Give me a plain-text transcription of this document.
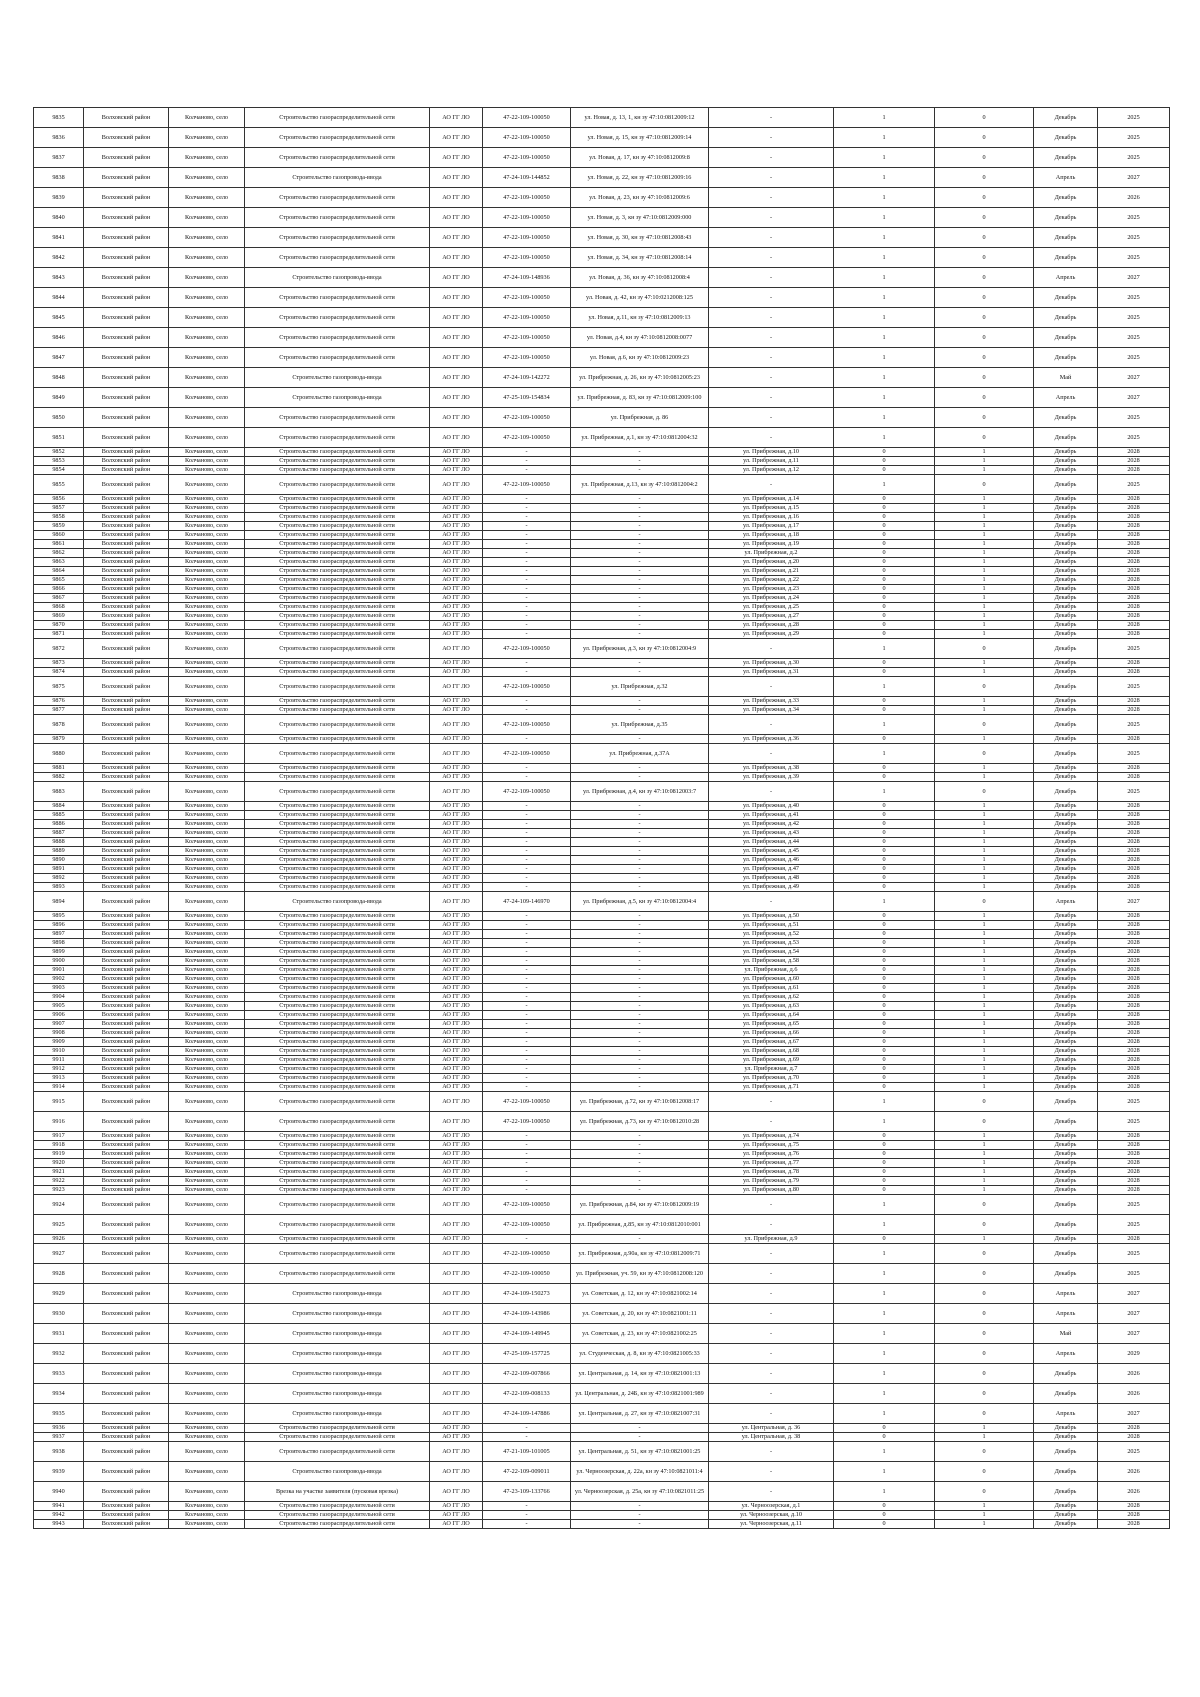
9835	Волховский район	Колчаново, село	Строительство газораспределительной сети	АО ГГ ЛО	47-22-109-100050	ул. Новая, д. 13, 1, кн зу 47:10:0812009:12	-	1	0	Декабрь	2025
9836	Волховский район	Колчаново, село	Строительство газораспределительной сети	АО ГГ ЛО	47-22-109-100050	ул. Новая, д. 15, кн зу 47:10:0812009:14	-	1	0	Декабрь	2025
9837	Волховский район	Колчаново, село	Строительство газораспределительной сети	АО ГГ ЛО	47-22-109-100050	ул. Новая, д. 17, кн зу 47:10:0812009:8	-	1	0	Декабрь	2025
9838	Волховский район	Колчаново, село	Строительство газопровода-ввода	АО ГГ ЛО	47-24-109-144852	ул. Новая, д. 22, кн зу 47:10:0812009:16	-	1	0	Апрель	2027
9839	Волховский район	Колчаново, село	Строительство газораспределительной сети	АО ГГ ЛО	47-22-109-100050	ул. Новая, д. 23, кн зу 47:10:0812009:6	-	1	0	Декабрь	2026
9840	Волховский район	Колчаново, село	Строительство газораспределительной сети	АО ГГ ЛО	47-22-109-100050	ул. Новая, д. 3, кн зу 47:10:0812009:000	-	1	0	Декабрь	2025
9841	Волховский район	Колчаново, село	Строительство газораспределительной сети	АО ГГ ЛО	47-22-109-100050	ул. Новая, д. 30, кн зу 47:10:0812008:43	-	1	0	Декабрь	2025
9842	Волховский район	Колчаново, село	Строительство газораспределительной сети	АО ГГ ЛО	47-22-109-100050	ул. Новая, д. 34, кн зу 47:10:0812008:14	-	1	0	Декабрь	2025
9843	Волховский район	Колчаново, село	Строительство газопровода-ввода	АО ГГ ЛО	47-24-109-148936	ул. Новая, д. 36, кн зу 47:10:0812008:4	-	1	0	Апрель	2027
9844	Волховский район	Колчаново, село	Строительство газораспределительной сети	АО ГГ ЛО	47-22-109-100050	ул. Новая, д. 42, кн зу 47:10:0212008:125	-	1	0	Декабрь	2025
9845	Волховский район	Колчаново, село	Строительство газораспределительной сети	АО ГГ ЛО	47-22-109-100050	ул. Новая, д.11, кн зу 47:10:0812009:13	-	1	0	Декабрь	2025
9846	Волховский район	Колчаново, село	Строительство газораспределительной сети	АО ГГ ЛО	47-22-109-100050	ул. Новая, д.4, кн зу 47:10:0812008:0077	-	1	0	Декабрь	2025
9847	Волховский район	Колчаново, село	Строительство газораспределительной сети	АО ГГ ЛО	47-22-109-100050	ул. Новая, д.6, кн зу 47:10:0812009:23	-	1	0	Декабрь	2025
9848	Волховский район	Колчаново, село	Строительство газопровода-ввода	АО ГГ ЛО	47-24-109-142272	ул. Прибрежная, д. 26, кн зу 47:10:0812005:23	-	1	0	Май	2027
9849	Волховский район	Колчаново, село	Строительство газопровода-ввода	АО ГГ ЛО	47-25-109-154834	ул. Прибрежная, д. 83, кн зу 47:10:0812009:100	-	1	0	Апрель	2027
9850	Волховский район	Колчаново, село	Строительство газораспределительной сети	АО ГГ ЛО	47-22-109-100050	ул. Прибрежная, д. 86	-	1	0	Декабрь	2025
9851	Волховский район	Колчаново, село	Строительство газораспределительной сети	АО ГГ ЛО	47-22-109-100050	ул. Прибрежная, д.1, кн зу 47:10:0812004:32	-	1	0	Декабрь	2025
9852	Волховский район	Колчаново, село	Строительство газораспределительной сети	АО ГГ ЛО	-	-	ул. Прибрежная, д.10	0	1	Декабрь	2028
9853	Волховский район	Колчаново, село	Строительство газораспределительной сети	АО ГГ ЛО	-	-	ул. Прибрежная, д.11	0	1	Декабрь	2028
9854	Волховский район	Колчаново, село	Строительство газораспределительной сети	АО ГГ ЛО	-	-	ул. Прибрежная, д.12	0	1	Декабрь	2028
9855	Волховский район	Колчаново, село	Строительство газораспределительной сети	АО ГГ ЛО	47-22-109-100050	ул. Прибрежная, д.13, кн зу 47:10:0812004:2	-	1	0	Декабрь	2025
9856	Волховский район	Колчаново, село	Строительство газораспределительной сети	АО ГГ ЛО	-	-	ул. Прибрежная, д.14	0	1	Декабрь	2028
9857	Волховский район	Колчаново, село	Строительство газораспределительной сети	АО ГГ ЛО	-	-	ул. Прибрежная, д.15	0	1	Декабрь	2028
9858	Волховский район	Колчаново, село	Строительство газораспределительной сети	АО ГГ ЛО	-	-	ул. Прибрежная, д.16	0	1	Декабрь	2028
9859	Волховский район	Колчаново, село	Строительство газораспределительной сети	АО ГГ ЛО	-	-	ул. Прибрежная, д.17	0	1	Декабрь	2028
9860	Волховский район	Колчаново, село	Строительство газораспределительной сети	АО ГГ ЛО	-	-	ул. Прибрежная, д.18	0	1	Декабрь	2028
9861	Волховский район	Колчаново, село	Строительство газораспределительной сети	АО ГГ ЛО	-	-	ул. Прибрежная, д.19	0	1	Декабрь	2028
9862	Волховский район	Колчаново, село	Строительство газораспределительной сети	АО ГГ ЛО	-	-	ул. Прибрежная, д.2	0	1	Декабрь	2028
9863	Волховский район	Колчаново, село	Строительство газораспределительной сети	АО ГГ ЛО	-	-	ул. Прибрежная, д.20	0	1	Декабрь	2028
9864	Волховский район	Колчаново, село	Строительство газораспределительной сети	АО ГГ ЛО	-	-	ул. Прибрежная, д.21	0	1	Декабрь	2028
9865	Волховский район	Колчаново, село	Строительство газораспределительной сети	АО ГГ ЛО	-	-	ул. Прибрежная, д.22	0	1	Декабрь	2028
9866	Волховский район	Колчаново, село	Строительство газораспределительной сети	АО ГГ ЛО	-	-	ул. Прибрежная, д.23	0	1	Декабрь	2028
9867	Волховский район	Колчаново, село	Строительство газораспределительной сети	АО ГГ ЛО	-	-	ул. Прибрежная, д.24	0	1	Декабрь	2028
9868	Волховский район	Колчаново, село	Строительство газораспределительной сети	АО ГГ ЛО	-	-	ул. Прибрежная, д.25	0	1	Декабрь	2028
9869	Волховский район	Колчаново, село	Строительство газораспределительной сети	АО ГГ ЛО	-	-	ул. Прибрежная, д.27	0	1	Декабрь	2028
9870	Волховский район	Колчаново, село	Строительство газораспределительной сети	АО ГГ ЛО	-	-	ул. Прибрежная, д.28	0	1	Декабрь	2028
9871	Волховский район	Колчаново, село	Строительство газораспределительной сети	АО ГГ ЛО	-	-	ул. Прибрежная, д.29	0	1	Декабрь	2028
9872	Волховский район	Колчаново, село	Строительство газораспределительной сети	АО ГГ ЛО	47-22-109-100050	ул. Прибрежная, д.3, кн зу 47:10:0812004:9	-	1	0	Декабрь	2025
9873	Волховский район	Колчаново, село	Строительство газораспределительной сети	АО ГГ ЛО	-	-	ул. Прибрежная, д.30	0	1	Декабрь	2028
9874	Волховский район	Колчаново, село	Строительство газораспределительной сети	АО ГГ ЛО	-	-	ул. Прибрежная, д.31	0	1	Декабрь	2028
9875	Волховский район	Колчаново, село	Строительство газораспределительной сети	АО ГГ ЛО	47-22-109-100050	ул. Прибрежная, д.32	-	1	0	Декабрь	2025
9876	Волховский район	Колчаново, село	Строительство газораспределительной сети	АО ГГ ЛО	-	-	ул. Прибрежная, д.33	0	1	Декабрь	2028
9877	Волховский район	Колчаново, село	Строительство газораспределительной сети	АО ГГ ЛО	-	-	ул. Прибрежная, д.34	0	1	Декабрь	2028
9878	Волховский район	Колчаново, село	Строительство газораспределительной сети	АО ГГ ЛО	47-22-109-100050	ул. Прибрежная, д.35	-	1	0	Декабрь	2025
9879	Волховский район	Колчаново, село	Строительство газораспределительной сети	АО ГГ ЛО	-	-	ул. Прибрежная, д.36	0	1	Декабрь	2028
9880	Волховский район	Колчаново, село	Строительство газораспределительной сети	АО ГГ ЛО	47-22-109-100050	ул. Прибрежная, д.37А	-	1	0	Декабрь	2025
9881	Волховский район	Колчаново, село	Строительство газораспределительной сети	АО ГГ ЛО	-	-	ул. Прибрежная, д.38	0	1	Декабрь	2028
9882	Волховский район	Колчаново, село	Строительство газораспределительной сети	АО ГГ ЛО	-	-	ул. Прибрежная, д.39	0	1	Декабрь	2028
9883	Волховский район	Колчаново, село	Строительство газораспределительной сети	АО ГГ ЛО	47-22-109-100050	ул. Прибрежная, д.4, кн зу 47:10:0812003:7	-	1	0	Декабрь	2025
9884	Волховский район	Колчаново, село	Строительство газораспределительной сети	АО ГГ ЛО	-	-	ул. Прибрежная, д.40	0	1	Декабрь	2028
9885	Волховский район	Колчаново, село	Строительство газораспределительной сети	АО ГГ ЛО	-	-	ул. Прибрежная, д.41	0	1	Декабрь	2028
9886	Волховский район	Колчаново, село	Строительство газораспределительной сети	АО ГГ ЛО	-	-	ул. Прибрежная, д.42	0	1	Декабрь	2028
9887	Волховский район	Колчаново, село	Строительство газораспределительной сети	АО ГГ ЛО	-	-	ул. Прибрежная, д.43	0	1	Декабрь	2028
9888	Волховский район	Колчаново, село	Строительство газораспределительной сети	АО ГГ ЛО	-	-	ул. Прибрежная, д.44	0	1	Декабрь	2028
9889	Волховский район	Колчаново, село	Строительство газораспределительной сети	АО ГГ ЛО	-	-	ул. Прибрежная, д.45	0	1	Декабрь	2028
9890	Волховский район	Колчаново, село	Строительство газораспределительной сети	АО ГГ ЛО	-	-	ул. Прибрежная, д.46	0	1	Декабрь	2028
9891	Волховский район	Колчаново, село	Строительство газораспределительной сети	АО ГГ ЛО	-	-	ул. Прибрежная, д.47	0	1	Декабрь	2028
9892	Волховский район	Колчаново, село	Строительство газораспределительной сети	АО ГГ ЛО	-	-	ул. Прибрежная, д.48	0	1	Декабрь	2028
9893	Волховский район	Колчаново, село	Строительство газораспределительной сети	АО ГГ ЛО	-	-	ул. Прибрежная, д.49	0	1	Декабрь	2028
9894	Волховский район	Колчаново, село	Строительство газопровода-ввода	АО ГГ ЛО	47-24-109-146970	ул. Прибрежная, д.5, кн зу 47:10:0812004:4	-	1	0	Апрель	2027
9895	Волховский район	Колчаново, село	Строительство газораспределительной сети	АО ГГ ЛО	-	-	ул. Прибрежная, д.50	0	1	Декабрь	2028
9896	Волховский район	Колчаново, село	Строительство газораспределительной сети	АО ГГ ЛО	-	-	ул. Прибрежная, д.51	0	1	Декабрь	2028
9897	Волховский район	Колчаново, село	Строительство газораспределительной сети	АО ГГ ЛО	-	-	ул. Прибрежная, д.52	0	1	Декабрь	2028
9898	Волховский район	Колчаново, село	Строительство газораспределительной сети	АО ГГ ЛО	-	-	ул. Прибрежная, д.53	0	1	Декабрь	2028
9899	Волховский район	Колчаново, село	Строительство газораспределительной сети	АО ГГ ЛО	-	-	ул. Прибрежная, д.54	0	1	Декабрь	2028
9900	Волховский район	Колчаново, село	Строительство газораспределительной сети	АО ГГ ЛО	-	-	ул. Прибрежная, д.58	0	1	Декабрь	2028
9901	Волховский район	Колчаново, село	Строительство газораспределительной сети	АО ГГ ЛО	-	-	ул. Прибрежная, д.6	0	1	Декабрь	2028
9902	Волховский район	Колчаново, село	Строительство газораспределительной сети	АО ГГ ЛО	-	-	ул. Прибрежная, д.60	0	1	Декабрь	2028
9903	Волховский район	Колчаново, село	Строительство газораспределительной сети	АО ГГ ЛО	-	-	ул. Прибрежная, д.61	0	1	Декабрь	2028
9904	Волховский район	Колчаново, село	Строительство газораспределительной сети	АО ГГ ЛО	-	-	ул. Прибрежная, д.62	0	1	Декабрь	2028
9905	Волховский район	Колчаново, село	Строительство газораспределительной сети	АО ГГ ЛО	-	-	ул. Прибрежная, д.63	0	1	Декабрь	2028
9906	Волховский район	Колчаново, село	Строительство газораспределительной сети	АО ГГ ЛО	-	-	ул. Прибрежная, д.64	0	1	Декабрь	2028
9907	Волховский район	Колчаново, село	Строительство газораспределительной сети	АО ГГ ЛО	-	-	ул. Прибрежная, д.65	0	1	Декабрь	2028
9908	Волховский район	Колчаново, село	Строительство газораспределительной сети	АО ГГ ЛО	-	-	ул. Прибрежная, д.66	0	1	Декабрь	2028
9909	Волховский район	Колчаново, село	Строительство газораспределительной сети	АО ГГ ЛО	-	-	ул. Прибрежная, д.67	0	1	Декабрь	2028
9910	Волховский район	Колчаново, село	Строительство газораспределительной сети	АО ГГ ЛО	-	-	ул. Прибрежная, д.68	0	1	Декабрь	2028
9911	Волховский район	Колчаново, село	Строительство газораспределительной сети	АО ГГ ЛО	-	-	ул. Прибрежная, д.69	0	1	Декабрь	2028
9912	Волховский район	Колчаново, село	Строительство газораспределительной сети	АО ГГ ЛО	-	-	ул. Прибрежная, д.7	0	1	Декабрь	2028
9913	Волховский район	Колчаново, село	Строительство газораспределительной сети	АО ГГ ЛО	-	-	ул. Прибрежная, д.70	0	1	Декабрь	2028
9914	Волховский район	Колчаново, село	Строительство газораспределительной сети	АО ГГ ЛО	-	-	ул. Прибрежная, д.71	0	1	Декабрь	2028
9915	Волховский район	Колчаново, село	Строительство газораспределительной сети	АО ГГ ЛО	47-22-109-100050	ул. Прибрежная, д.72, кн зу 47:10:0812008:17	-	1	0	Декабрь	2025
9916	Волховский район	Колчаново, село	Строительство газораспределительной сети	АО ГГ ЛО	47-22-109-100050	ул. Прибрежная, д.73, кн зу 47:10:0812010:28	-	1	0	Декабрь	2025
9917	Волховский район	Колчаново, село	Строительство газораспределительной сети	АО ГГ ЛО	-	-	ул. Прибрежная, д.74	0	1	Декабрь	2028
9918	Волховский район	Колчаново, село	Строительство газораспределительной сети	АО ГГ ЛО	-	-	ул. Прибрежная, д.75	0	1	Декабрь	2028
9919	Волховский район	Колчаново, село	Строительство газораспределительной сети	АО ГГ ЛО	-	-	ул. Прибрежная, д.76	0	1	Декабрь	2028
9920	Волховский район	Колчаново, село	Строительство газораспределительной сети	АО ГГ ЛО	-	-	ул. Прибрежная, д.77	0	1	Декабрь	2028
9921	Волховский район	Колчаново, село	Строительство газораспределительной сети	АО ГГ ЛО	-	-	ул. Прибрежная, д.78	0	1	Декабрь	2028
9922	Волховский район	Колчаново, село	Строительство газораспределительной сети	АО ГГ ЛО	-	-	ул. Прибрежная, д.79	0	1	Декабрь	2028
9923	Волховский район	Колчаново, село	Строительство газораспределительной сети	АО ГГ ЛО	-	-	ул. Прибрежная, д.80	0	1	Декабрь	2028
9924	Волховский район	Колчаново, село	Строительство газораспределительной сети	АО ГГ ЛО	47-22-109-100050	ул. Прибрежная, д.84, кн зу 47:10:0812009:19	-	1	0	Декабрь	2025
9925	Волховский район	Колчаново, село	Строительство газораспределительной сети	АО ГГ ЛО	47-22-109-100050	ул. Прибрежная, д.85, кн зу 47:10:0812010:001	-	1	0	Декабрь	2025
9926	Волховский район	Колчаново, село	Строительство газораспределительной сети	АО ГГ ЛО	-	-	ул. Прибрежная, д.9	0	1	Декабрь	2028
9927	Волховский район	Колчаново, село	Строительство газораспределительной сети	АО ГГ ЛО	47-22-109-100050	ул. Прибрежная, д.90а, кн зу 47:10:0812009:71	-	1	0	Декабрь	2025
9928	Волховский район	Колчаново, село	Строительство газораспределительной сети	АО ГГ ЛО	47-22-109-100050	ул. Прибрежная, уч. 59, кн зу 47:10:0812008:120	-	1	0	Декабрь	2025
9929	Волховский район	Колчаново, село	Строительство газопровода-ввода	АО ГГ ЛО	47-24-109-150273	ул. Советская, д. 12, кн зу 47:10:0821002:14	-	1	0	Апрель	2027
9930	Волховский район	Колчаново, село	Строительство газопровода-ввода	АО ГГ ЛО	47-24-109-143986	ул. Советская, д. 20, кн зу 47:10:0821001:11	-	1	0	Апрель	2027
9931	Волховский район	Колчаново, село	Строительство газопровода-ввода	АО ГГ ЛО	47-24-109-149945	ул. Советская, д. 23, кн зу 47:10:0821002:25	-	1	0	Май	2027
9932	Волховский район	Колчаново, село	Строительство газопровода-ввода	АО ГГ ЛО	47-25-109-157725	ул. Студенческая, д. 8, кн зу 47:10:0821005:33	-	1	0	Апрель	2029
9933	Волховский район	Колчаново, село	Строительство газопровода-ввода	АО ГГ ЛО	47-22-109-007866	ул. Центральная, д. 14, кн зу 47:10:0821001:13	-	1	0	Декабрь	2026
9934	Волховский район	Колчаново, село	Строительство газопровода-ввода	АО ГГ ЛО	47-22-109-008133	ул. Центральная, д. 24Б, кн зу 47:10:0821001:989	-	1	0	Декабрь	2026
9935	Волховский район	Колчаново, село	Строительство газопровода-ввода	АО ГГ ЛО	47-24-109-147886	ул. Центральная, д. 27, кн зу 47:10:0821007:31	-	1	0	Апрель	2027
9936	Волховский район	Колчаново, село	Строительство газораспределительной сети	АО ГГ ЛО	-	-	ул. Центральная, д. 36	0	1	Декабрь	2028
9937	Волховский район	Колчаново, село	Строительство газораспределительной сети	АО ГГ ЛО	-	-	ул. Центральная, д. 38	0	1	Декабрь	2028
9938	Волховский район	Колчаново, село	Строительство газораспределительной сети	АО ГГ ЛО	47-21-109-101005	ул. Центральная, д. 51, кн зу 47:10:0821001:25	-	1	0	Декабрь	2025
9939	Волховский район	Колчаново, село	Строительство газопровода-ввода	АО ГГ ЛО	47-22-109-009011	ул. Черноозерская, д. 22а, кн зу 47:10:0821011:4	-	1	0	Декабрь	2026
9940	Волховский район	Колчаново, село	Врезка на участке заявителя (пусковая врезка)	АО ГГ ЛО	47-23-109-133766	ул. Черноозерская, д. 25а, кн зу 47:10:0821011:25	-	1	0	Декабрь	2026
9941	Волховский район	Колчаново, село	Строительство газораспределительной сети	АО ГГ ЛО	-	-	ул. Черноозерская, д.1	0	1	Декабрь	2028
9942	Волховский район	Колчаново, село	Строительство газораспределительной сети	АО ГГ ЛО	-	-	ул. Черноозерская, д.10	0	1	Декабрь	2028
9943	Волховский район	Колчаново, село	Строительство газораспределительной сети	АО ГГ ЛО	-	-	ул. Черноозерская, д.11	0	1	Декабрь	2028
